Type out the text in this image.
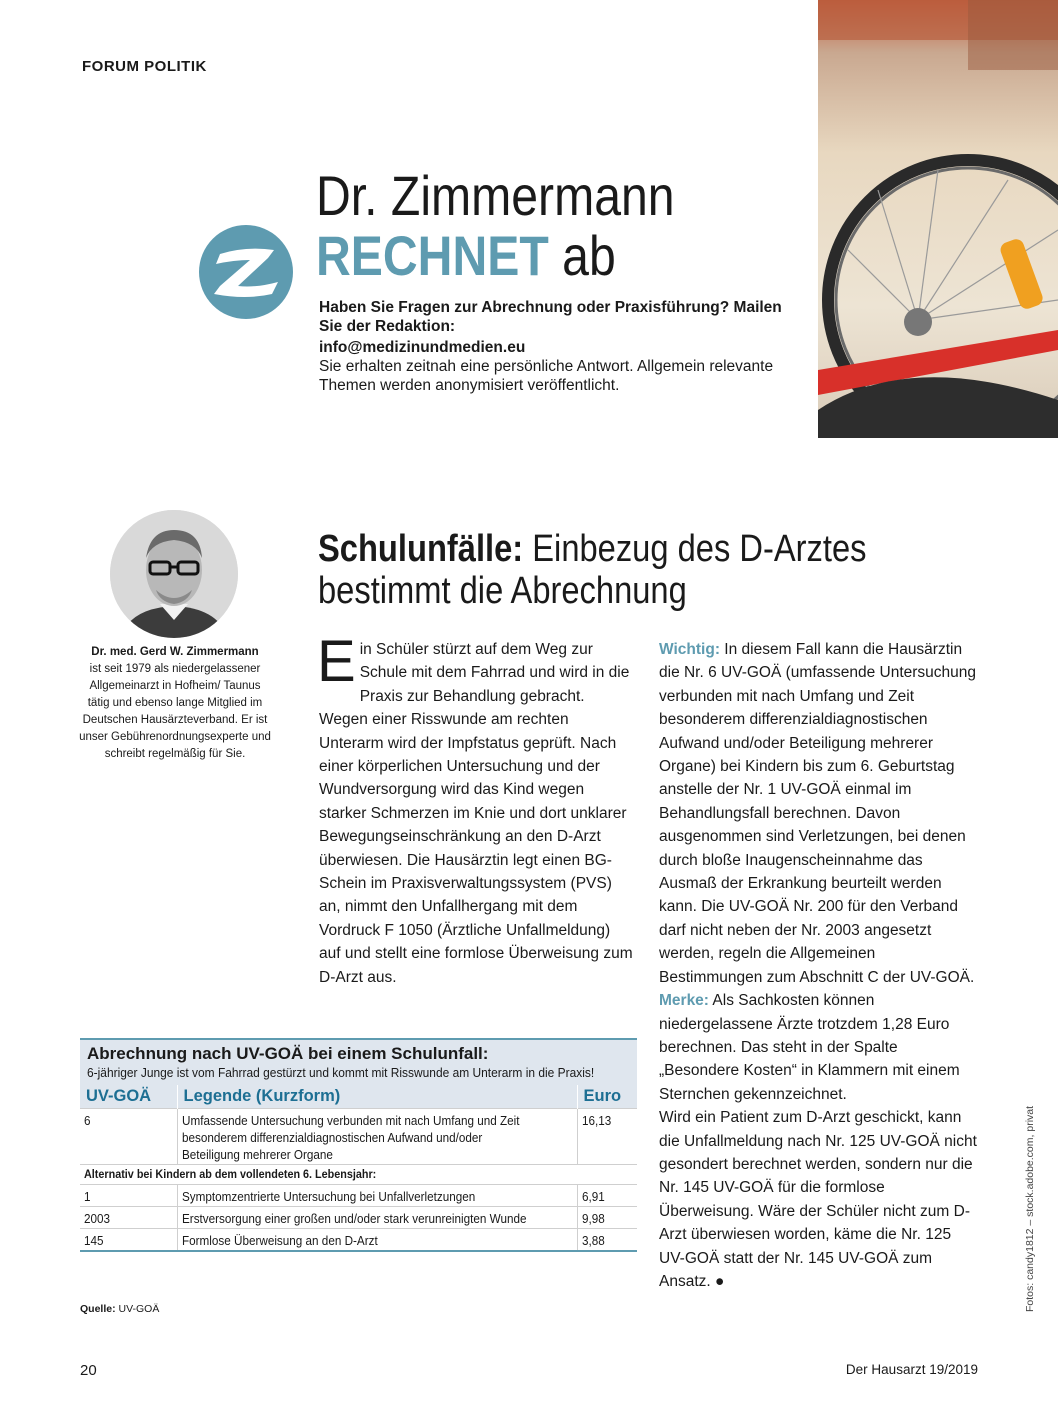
FORUM POLITIK
Dr. Zimmermann
RECHNET ab
Haben Sie Fragen zur Abrechnung oder Praxisführung? Mailen Sie der Redaktion:
info@medizinundmedien.eu
Sie erhalten zeitnah eine persönliche Antwort. Allgemein relevante Themen werden anonymisiert veröffentlicht.
Dr. med. Gerd W. Zimmermann
ist seit 1979 als niedergelassener Allgemeinarzt in Hofheim/ Taunus tätig und ebenso lange Mitglied im Deutschen Hausärzteverband. Er ist unser Gebührenordnungsexperte und schreibt regelmäßig für Sie.
Schulunfälle: Einbezug des D-Arztes
bestimmt die Abrechnung
Ein Schüler stürzt auf dem Weg zur Schule mit dem Fahrrad und wird in die Praxis zur Behandlung gebracht. Wegen einer Risswunde am rechten Unterarm wird der Impfstatus geprüft. Nach einer körperlichen Untersuchung und der Wundversorgung wird das Kind wegen starker Schmerzen im Knie und dort unklarer Bewegungseinschränkung an den D-Arzt überwiesen. Die Hausärztin legt einen BG-Schein im Praxisverwaltungssystem (PVS) an, nimmt den Unfallhergang mit dem Vordruck F 1050 (Ärztliche Unfallmeldung) auf und stellt eine formlose Überweisung zum D-Arzt aus.

Wichtig: In diesem Fall kann die Hausärztin die Nr. 6 UV-GOÄ (umfassende Untersuchung verbunden mit nach Umfang und Zeit besonderem differenzialdiagnostischen Aufwand und/oder Beteiligung mehrerer Organe) bei Kindern bis zum 6. Geburtstag anstelle der Nr. 1 UV-GOÄ einmal im Behandlungsfall berechnen. Davon ausgenommen sind Verletzungen, bei denen durch bloße Inaugenscheinnahme das Ausmaß der Erkrankung beurteilt werden kann. Die UV-GOÄ Nr. 200 für den Verband darf nicht neben der Nr. 2003 angesetzt werden, regeln die Allgemeinen Bestimmungen zum Abschnitt C der UV-GOÄ.

Merke: Als Sachkosten können niedergelassene Ärzte trotzdem 1,28 Euro berechnen. Das steht in der Spalte „Besondere Kosten“ in Klammern mit einem Sternchen gekennzeichnet.

Wird ein Patient zum D-Arzt geschickt, kann die Unfallmeldung nach Nr. 125 UV-GOÄ nicht gesondert berechnet werden, sondern nur die Nr. 145 UV-GOÄ für die formlose Überweisung. Wäre der Schüler nicht zum D-Arzt überwiesen worden, käme die Nr. 125 UV-GOÄ statt der Nr. 145 UV-GOÄ zum Ansatz. ●

Abrechnung nach UV-GOÄ bei einem Schulunfall:
6-jähriger Junge ist vom Fahrrad gestürzt und kommt mit Risswunde am Unterarm in die Praxis!
UV-GOÄ	Legende (Kurzform)	Euro
6	Umfassende Untersuchung verbunden mit nach Umfang und Zeit besonderem differenzialdiagnostischen Aufwand und/oder Beteiligung mehrerer Organe	16,13
Alternativ bei Kindern ab dem vollendeten 6. Lebensjahr:		
1	Symptomzentrierte Untersuchung bei Unfallverletzungen	6,91
2003	Erstversorgung einer großen und/oder stark verunreinigten Wunde	9,98
145	Formlose Überweisung an den D-Arzt	3,88
Quelle: UV-GOÄ	Fotos: candy1812 – stock.adobe.com, privat
20	Der Hausarzt 19/2019
